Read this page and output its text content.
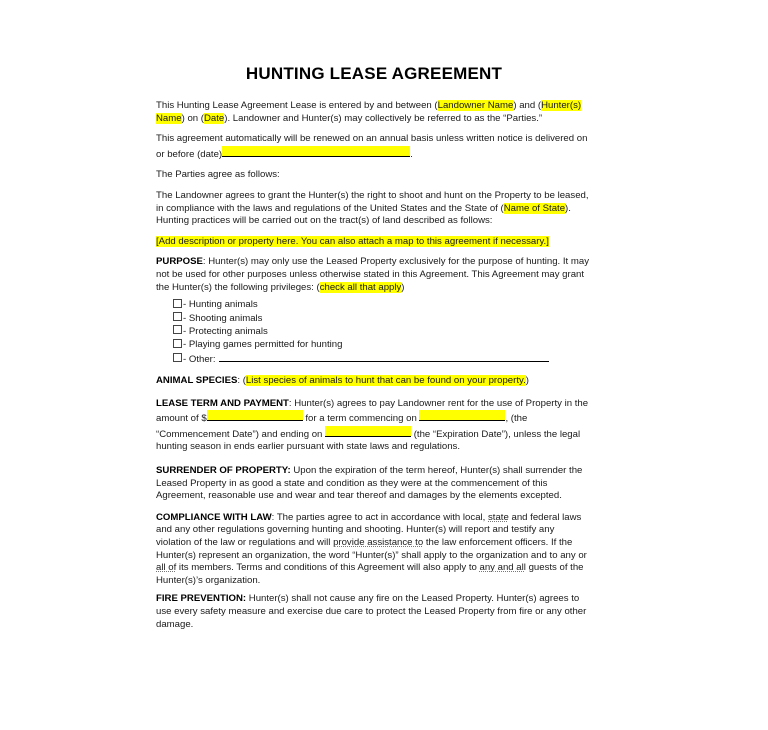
HUNTING LEASE AGREEMENT

This Hunting Lease Agreement Lease is entered by and between (Landowner Name) and (Hunter(s) Name) on (Date). Landowner and Hunter(s) may collectively be referred to as the “Parties.”

This agreement automatically will be renewed on an annual basis unless written notice is delivered on or before (date)	.

The Parties agree as follows:

The Landowner agrees to grant the Hunter(s) the right to shoot and hunt on the Property to be leased, in compliance with the laws and regulations of the United States and the State of (Name of State). Hunting practices will be carried out on the tract(s) of land described as follows:

[Add description or property here. You can also attach a map to this agreement if necessary.]

PURPOSE: Hunter(s) may only use the Leased Property exclusively for the purpose of hunting. It may not be used for other purposes unless otherwise stated in this Agreement. This Agreement may grant the Hunter(s) the following privileges: (check all that apply)

- Hunting animals
- Shooting animals
- Protecting animals
- Playing games permitted for hunting
- Other:

ANIMAL SPECIES: (List species of animals to hunt that can be found on your property.)

LEASE TERM AND PAYMENT: Hunter(s) agrees to pay Landowner rent for the use of Property in the amount of $	for a term commencing on	, (the “Commencement Date”) and ending on	(the “Expiration Date”), unless the legal hunting season in ends earlier pursuant with state laws and regulations.

SURRENDER OF PROPERTY: Upon the expiration of the term hereof, Hunter(s) shall surrender the Leased Property in as good a state and condition as they were at the commencement of this Agreement, reasonable use and wear and tear thereof and damages by the elements excepted.

COMPLIANCE WITH LAW: The parties agree to act in accordance with local, state and federal laws and any other regulations governing hunting and shooting. Hunter(s) will report and testify any violation of the law or regulations and will provide assistance to the law enforcement officers. If the Hunter(s) represent an organization, the word “Hunter(s)” shall apply to the organization and to any or all of its members. Terms and conditions of this Agreement will also apply to any and all guests of the Hunter(s)’s organization.

FIRE PREVENTION: Hunter(s) shall not cause any fire on the Leased Property. Hunter(s) agrees to use every safety measure and exercise due care to protect the Leased Property from fire or any other damage.
